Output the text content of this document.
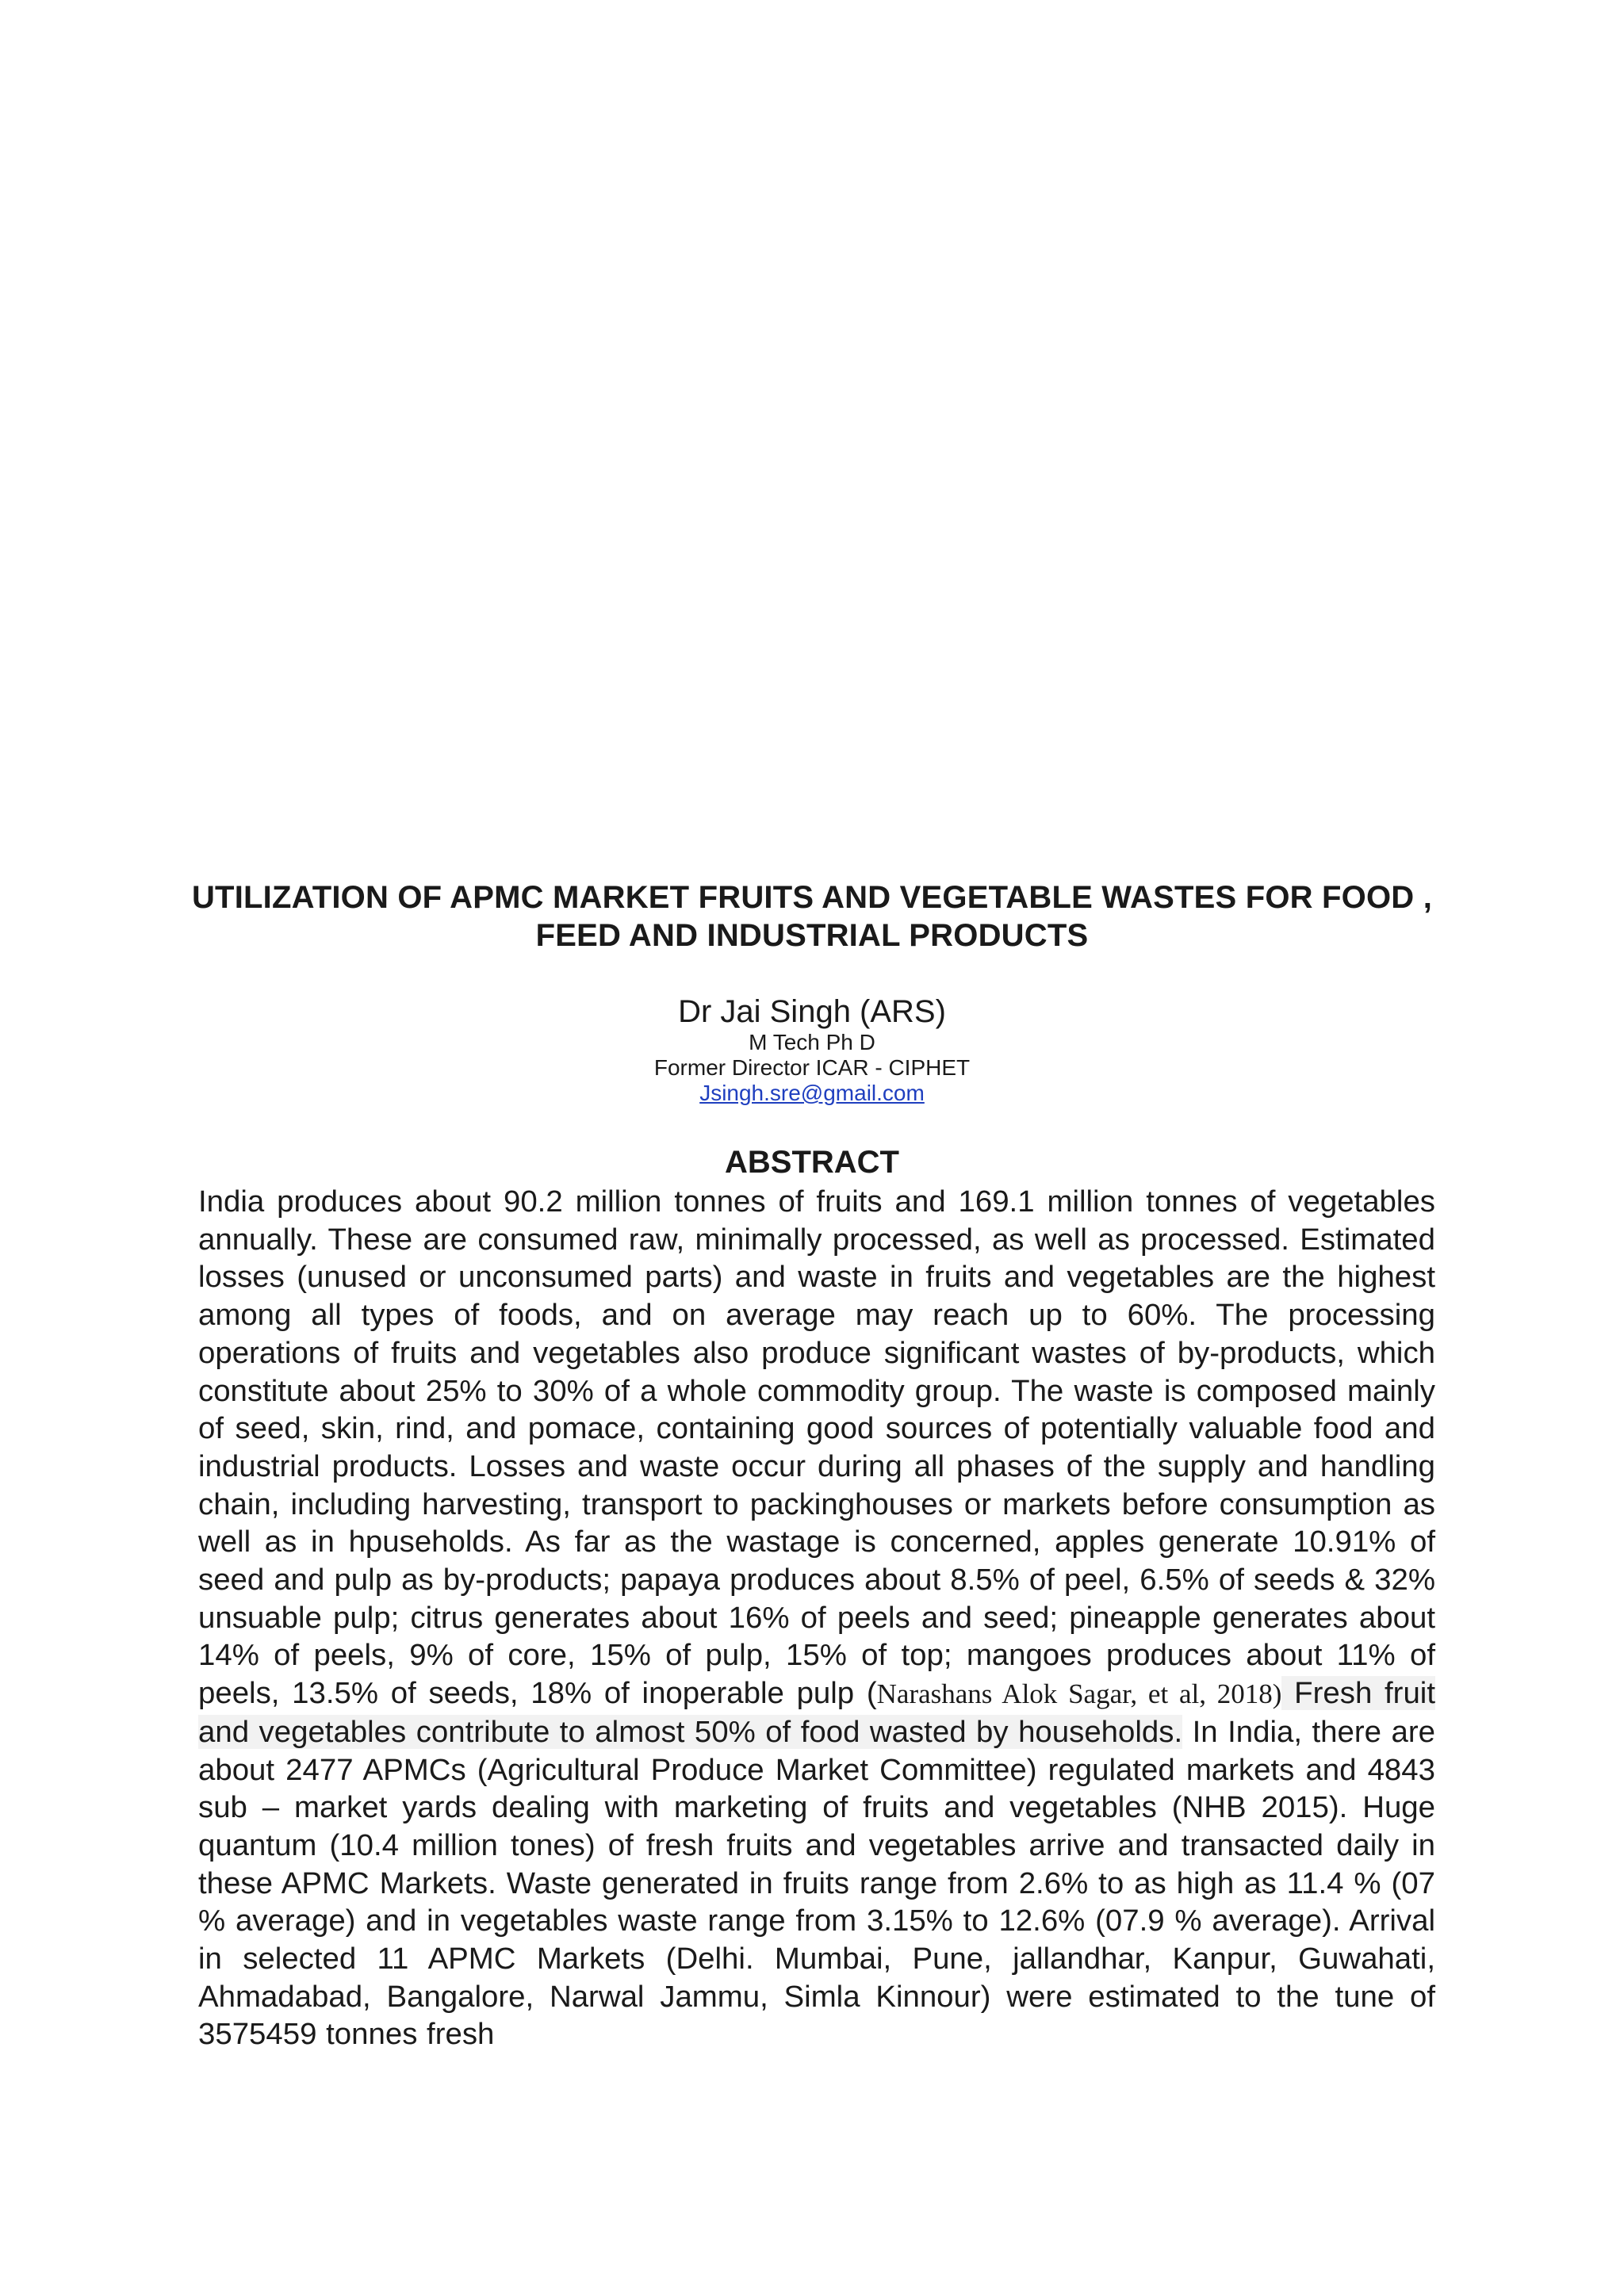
UTILIZATION OF APMC MARKET FRUITS AND VEGETABLE WASTES FOR FOOD , FEED AND INDUSTRIAL PRODUCTS
Dr Jai Singh (ARS)
M Tech Ph D
Former Director ICAR - CIPHET
Jsingh.sre@gmail.com
ABSTRACT
India produces about 90.2 million tonnes of fruits and 169.1 million tonnes of vegetables annually. These are consumed raw, minimally processed, as well as processed. Estimated losses (unused or unconsumed parts) and waste in fruits and vegetables are the highest among all types of foods, and on average may reach up to 60%. The processing operations of fruits and vegetables also produce significant wastes of by-products, which constitute about 25% to 30% of a whole commodity group. The waste is composed mainly of seed, skin, rind, and pomace, containing good sources of potentially valuable food and industrial products. Losses and waste occur during all phases of the supply and handling chain, including harvesting, transport to packinghouses or markets before consumption as well as in hpuseholds. As far as the wastage is concerned, apples generate 10.91% of seed and pulp as by-products; papaya produces about 8.5% of peel, 6.5% of seeds & 32% unsuable pulp; citrus generates about 16% of peels and seed; pineapple generates about 14% of peels, 9% of core, 15% of pulp, 15% of top; mangoes produces about 11% of peels, 13.5% of seeds, 18% of inoperable pulp (Narashans Alok Sagar, et al, 2018) Fresh fruit and vegetables contribute to almost 50% of food wasted by households. In India, there are about 2477 APMCs (Agricultural Produce Market Committee) regulated markets and 4843 sub – market yards dealing with marketing of fruits and vegetables (NHB 2015). Huge quantum (10.4 million tones) of fresh fruits and vegetables arrive and transacted daily in these APMC Markets. Waste generated in fruits range from 2.6% to as high as 11.4 % (07 % average) and in vegetables waste range from 3.15% to 12.6% (07.9 % average). Arrival in selected 11 APMC Markets (Delhi. Mumbai, Pune, jallandhar, Kanpur, Guwahati, Ahmadabad, Bangalore, Narwal Jammu, Simla Kinnour) were estimated to the tune of 3575459 tonnes fresh
